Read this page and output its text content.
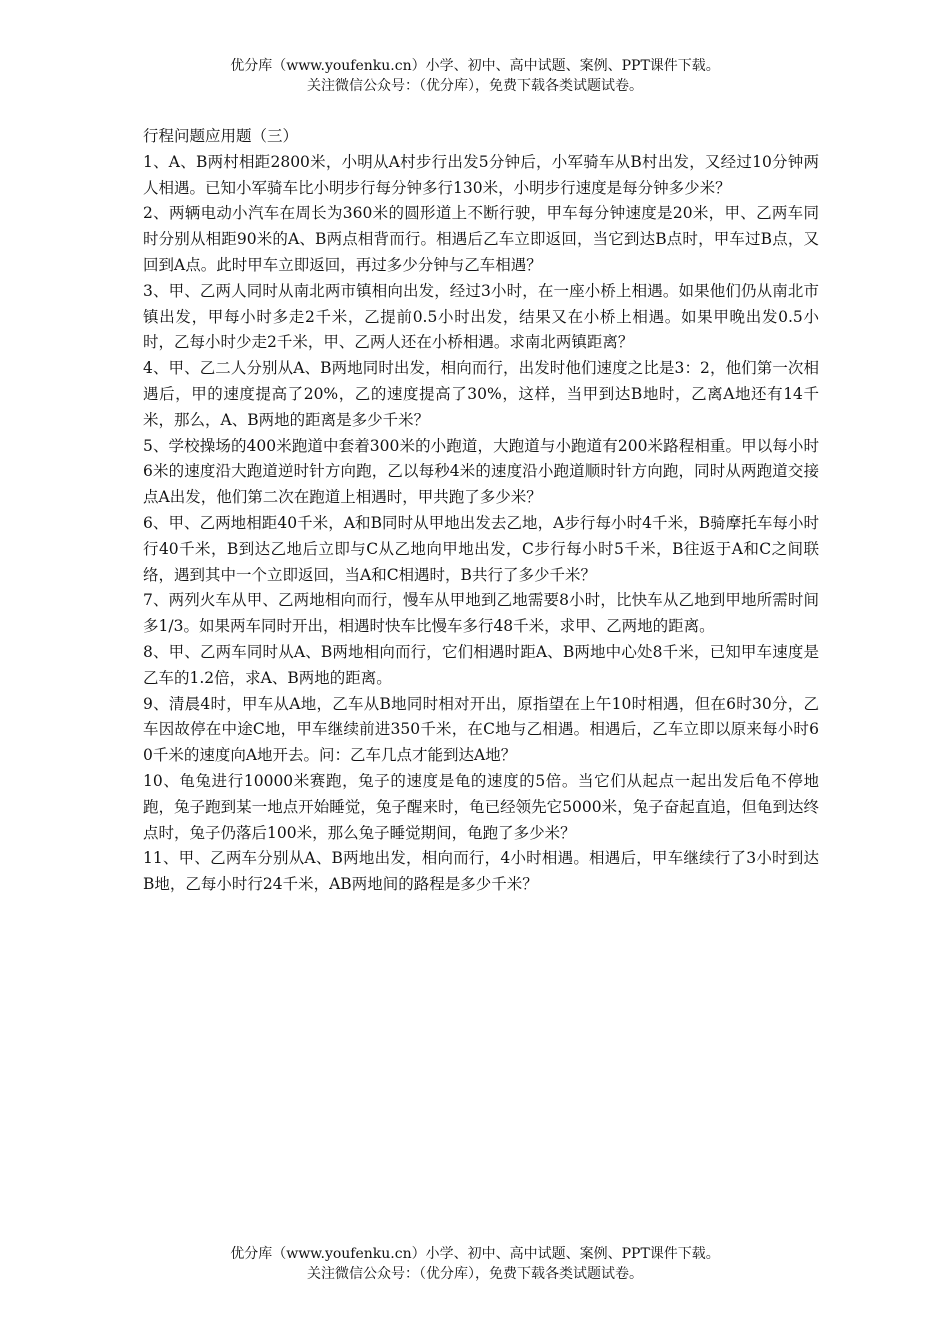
优分库（www.youfenku.cn）小学、初中、高中试题、案例、PPT课件下载。
关注微信公众号：（优分库），免费下载各类试题试卷。
行程问题应用题（三）

1、A、B两村相距2800米，小明从A村步行出发5分钟后，小军骑车从B村出发，又经过10分钟两人相遇。已知小军骑车比小明步行每分钟多行130米，小明步行速度是每分钟多少米？

2、两辆电动小汽车在周长为360米的圆形道上不断行驶，甲车每分钟速度是20米，甲、乙两车同时分别从相距90米的A、B两点相背而行。相遇后乙车立即返回，当它到达B点时，甲车过B点，又回到A点。此时甲车立即返回，再过多少分钟与乙车相遇？

3、甲、乙两人同时从南北两市镇相向出发，经过3小时，在一座小桥上相遇。如果他们仍从南北市镇出发，甲每小时多走2千米，乙提前0.5小时出发，结果又在小桥上相遇。如果甲晚出发0.5小时，乙每小时少走2千米，甲、乙两人还在小桥相遇。求南北两镇距离？

4、甲、乙二人分别从A、B两地同时出发，相向而行，出发时他们速度之比是3：2，他们第一次相遇后，甲的速度提高了20%，乙的速度提高了30%，这样，当甲到达B地时，乙离A地还有14千米，那么，A、B两地的距离是多少千米？

5、学校操场的400米跑道中套着300米的小跑道，大跑道与小跑道有200米路程相重。甲以每小时6米的速度沿大跑道逆时针方向跑，乙以每秒4米的速度沿小跑道顺时针方向跑，同时从两跑道交接点A出发，他们第二次在跑道上相遇时，甲共跑了多少米？

6、甲、乙两地相距40千米，A和B同时从甲地出发去乙地，A步行每小时4千米，B骑摩托车每小时行40千米，B到达乙地后立即与C从乙地向甲地出发，C步行每小时5千米，B往返于A和C之间联络，遇到其中一个立即返回，当A和C相遇时，B共行了多少千米？

7、两列火车从甲、乙两地相向而行，慢车从甲地到乙地需要8小时，比快车从乙地到甲地所需时间多1/3。如果两车同时开出，相遇时快车比慢车多行48千米，求甲、乙两地的距离。

8、甲、乙两车同时从A、B两地相向而行，它们相遇时距A、B两地中心处8千米，已知甲车速度是乙车的1.2倍，求A、B两地的距离。

9、清晨4时，甲车从A地，乙车从B地同时相对开出，原指望在上午10时相遇，但在6时30分，乙车因故停在中途C地，甲车继续前进350千米，在C地与乙相遇。相遇后，乙车立即以原来每小时60千米的速度向A地开去。问：乙车几点才能到达A地？

10、龟兔进行10000米赛跑，兔子的速度是龟的速度的5倍。当它们从起点一起出发后龟不停地跑，兔子跑到某一地点开始睡觉，兔子醒来时，龟已经领先它5000米，兔子奋起直追，但龟到达终点时，兔子仍落后100米，那么兔子睡觉期间，龟跑了多少米？

11、甲、乙两车分别从A、B两地出发，相向而行，4小时相遇。相遇后，甲车继续行了3小时到达B地，乙每小时行24千米，AB两地间的路程是多少千米？

优分库（www.youfenku.cn）小学、初中、高中试题、案例、PPT课件下载。
关注微信公众号：（优分库），免费下载各类试题试卷。
